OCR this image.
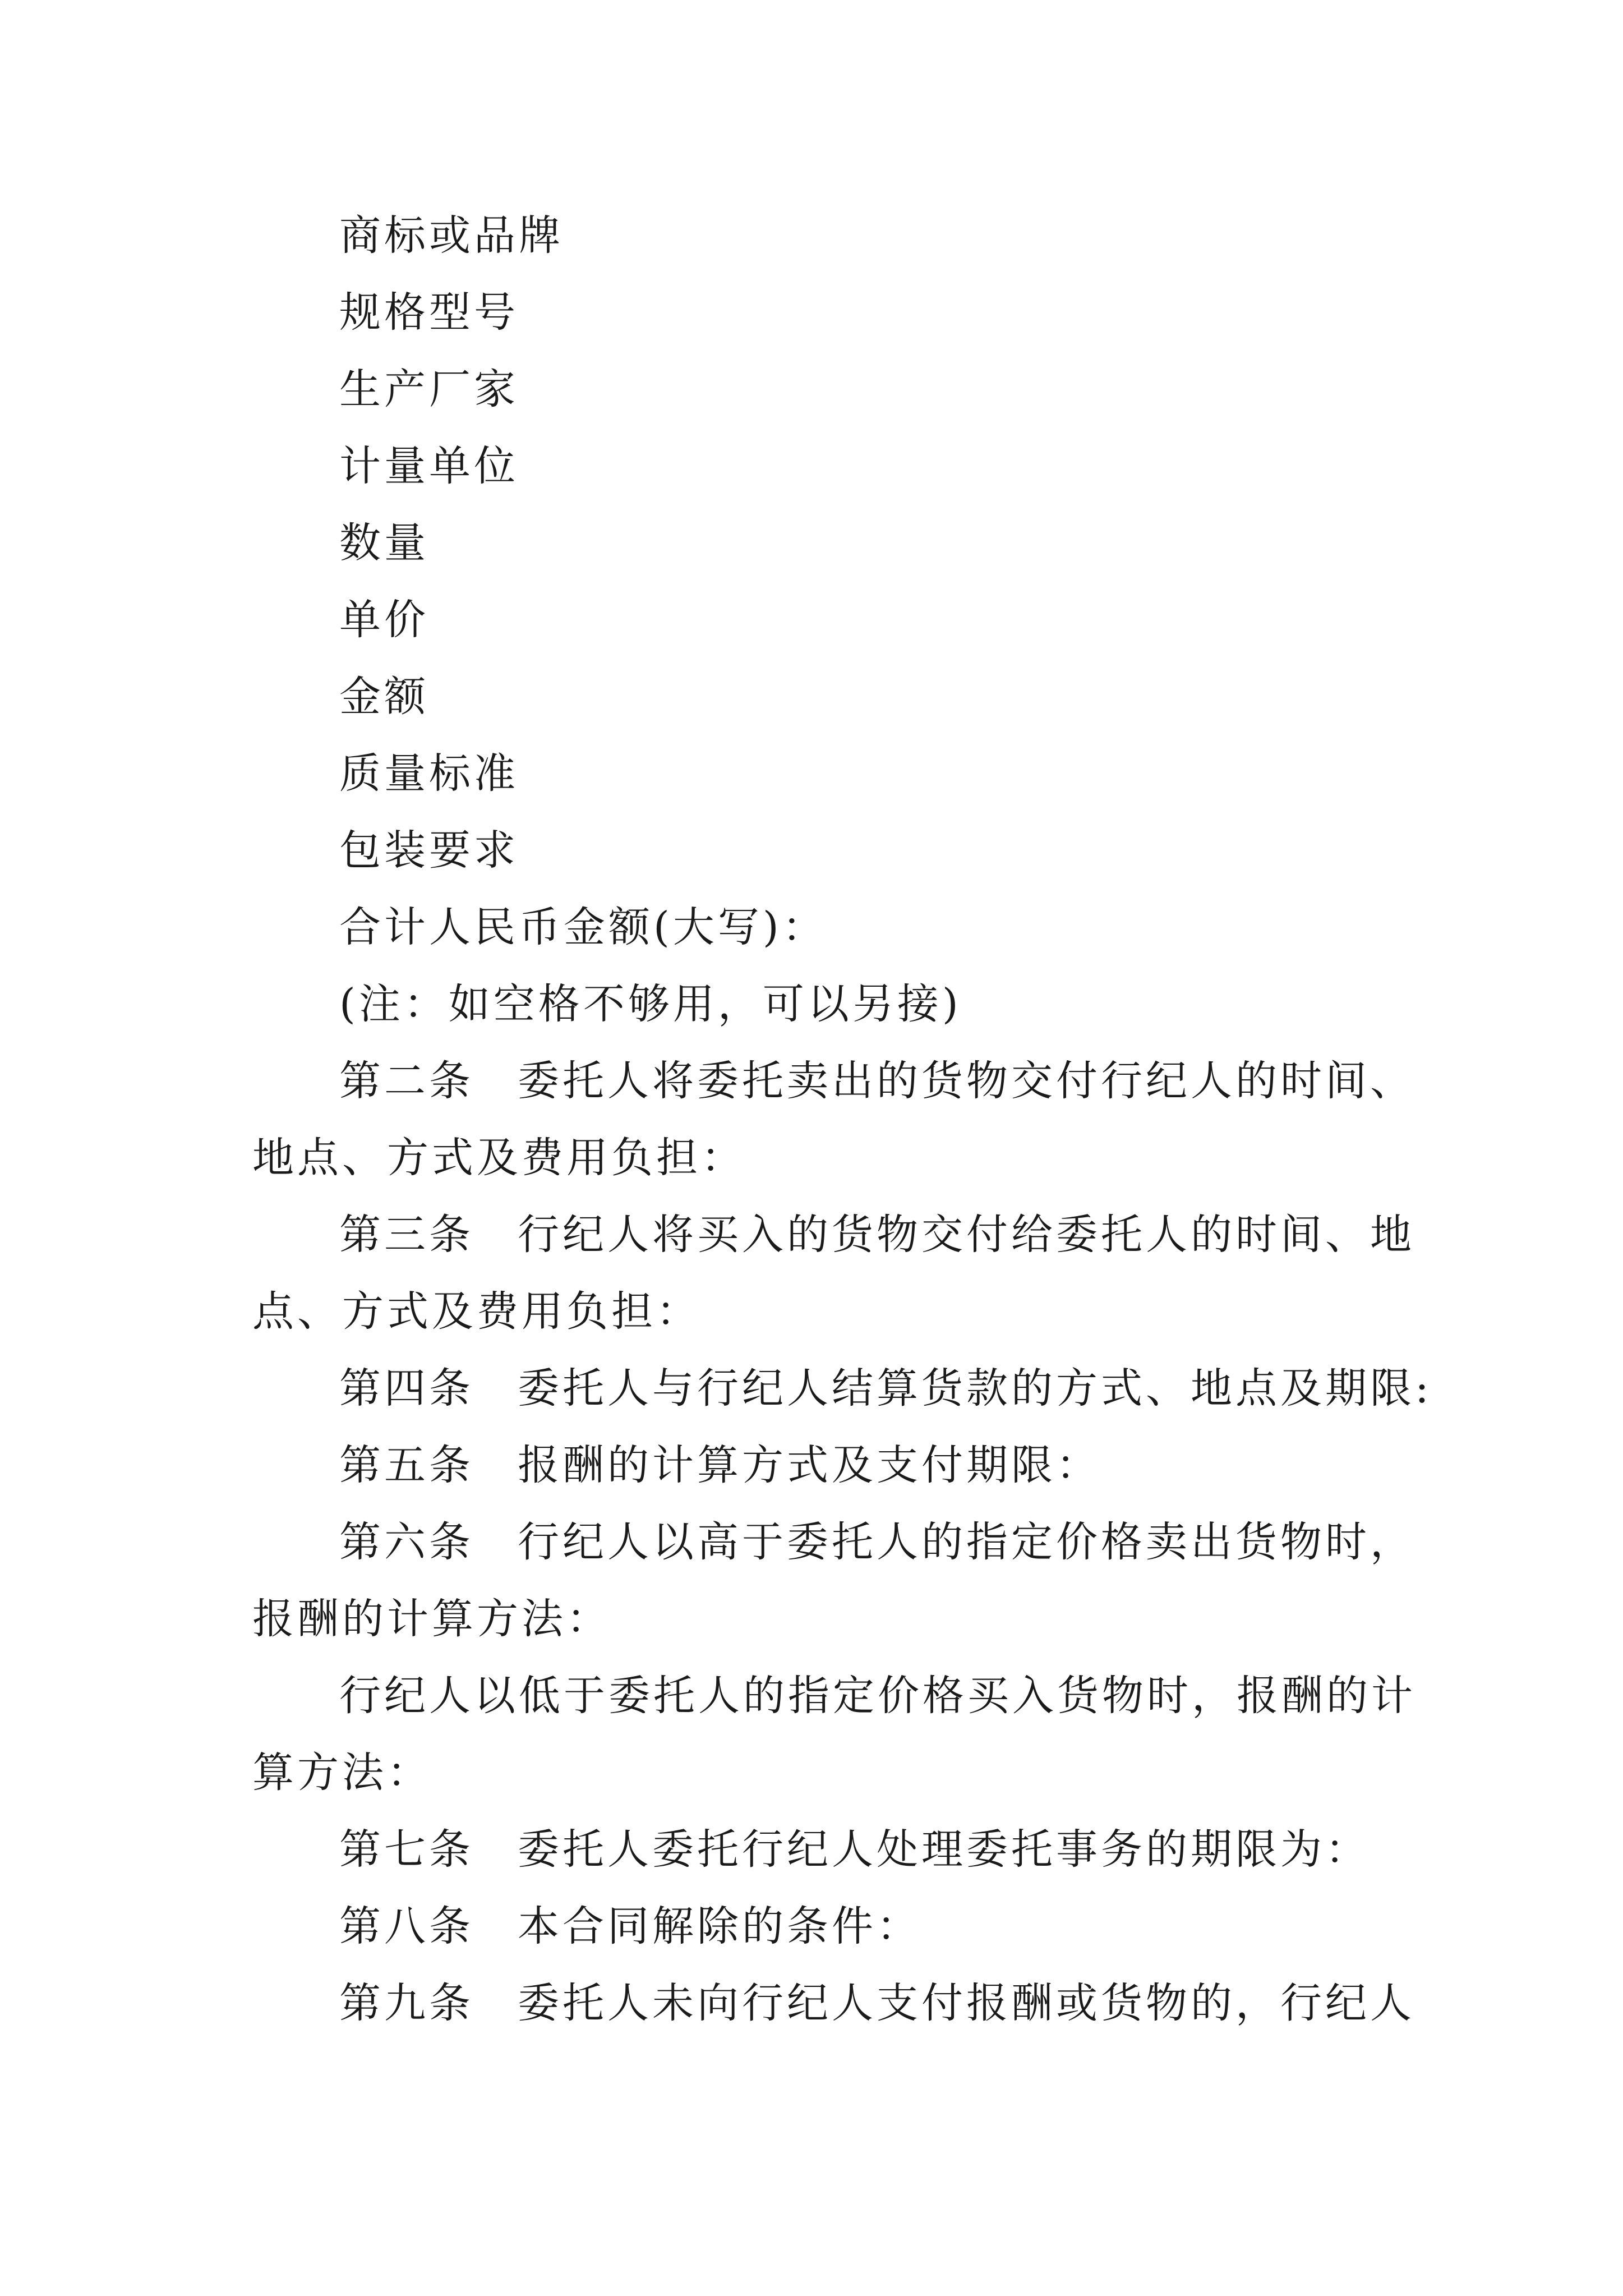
商标或品牌
规格型号
生产厂家
计量单位
数量
单价
金额
质量标准
包装要求
合计人民币金额(大写)：
(注：如空格不够用，可以另接)
第二条 委托人将委托卖出的货物交付行纪人的时间、
地点、方式及费用负担：
第三条 行纪人将买入的货物交付给委托人的时间、地
点、方式及费用负担：
第四条 委托人与行纪人结算货款的方式、地点及期限:
第五条 报酬的计算方式及支付期限：
第六条 行纪人以高于委托人的指定价格卖出货物时，
报酬的计算方法：
行纪人以低于委托人的指定价格买入货物时，报酬的计
算方法：
第七条 委托人委托行纪人处理委托事务的期限为：
第八条 本合同解除的条件：
第九条 委托人未向行纪人支付报酬或货物的，行纪人
